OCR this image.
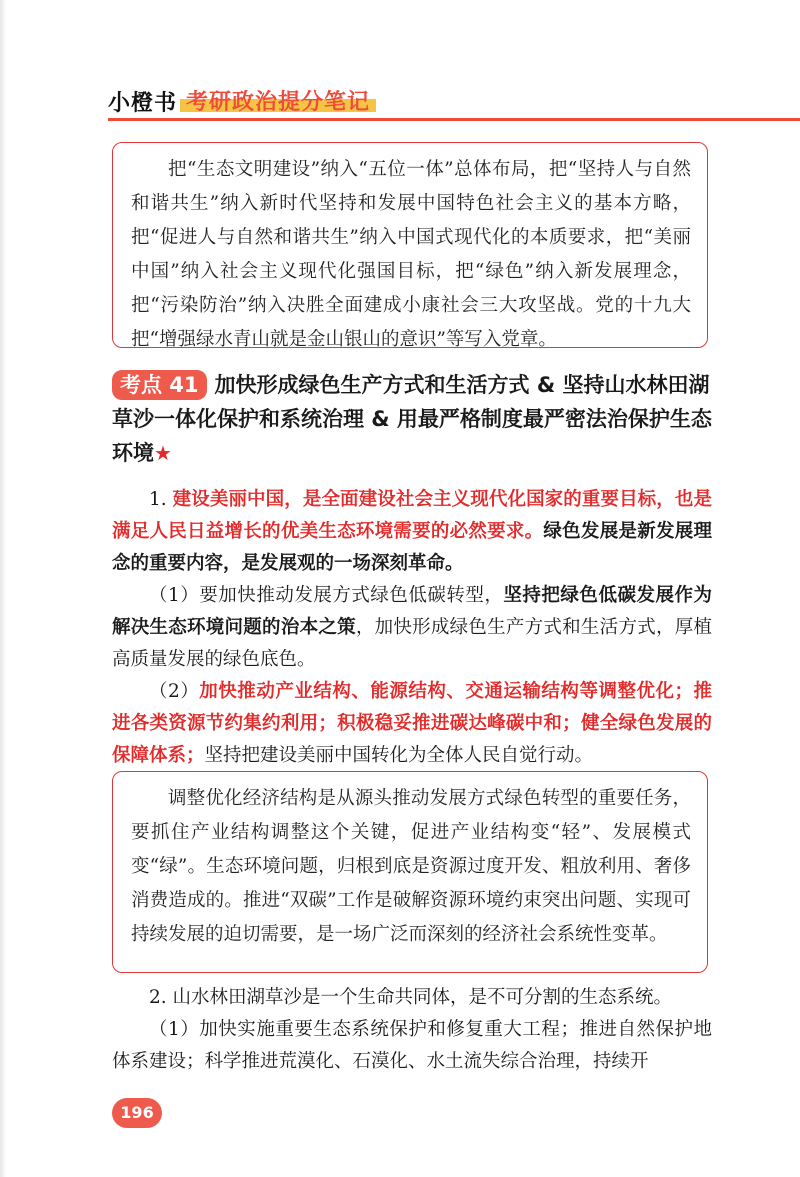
小橙书 考研政治提分笔记

把“生态文明建设”纳入“五位一体”总体布局，把“坚持人与自然和谐共生”纳入新时代坚持和发展中国特色社会主义的基本方略，把“促进人与自然和谐共生”纳入中国式现代化的本质要求，把“美丽中国”纳入社会主义现代化强国目标，把“绿色”纳入新发展理念，把“污染防治”纳入决胜全面建成小康社会三大攻坚战。党的十九大把“增强绿水青山就是金山银山的意识”等写入党章。

考点 41 加快形成绿色生产方式和生活方式 & 坚持山水林田湖草沙一体化保护和系统治理 & 用最严格制度最严密法治保护生态环境★

1. 建设美丽中国，是全面建设社会主义现代化国家的重要目标，也是满足人民日益增长的优美生态环境需要的必然要求。绿色发展是新发展理念的重要内容，是发展观的一场深刻革命。

（1）要加快推动发展方式绿色低碳转型，坚持把绿色低碳发展作为解决生态环境问题的治本之策，加快形成绿色生产方式和生活方式，厚植高质量发展的绿色底色。

（2）加快推动产业结构、能源结构、交通运输结构等调整优化；推进各类资源节约集约利用；积极稳妥推进碳达峰碳中和；健全绿色发展的保障体系；坚持把建设美丽中国转化为全体人民自觉行动。

调整优化经济结构是从源头推动发展方式绿色转型的重要任务，要抓住产业结构调整这个关键，促进产业结构变“轻”、发展模式变“绿”。生态环境问题，归根到底是资源过度开发、粗放利用、奢侈消费造成的。推进“双碳”工作是破解资源环境约束突出问题、实现可持续发展的迫切需要，是一场广泛而深刻的经济社会系统性变革。

2. 山水林田湖草沙是一个生命共同体，是不可分割的生态系统。

（1）加快实施重要生态系统保护和修复重大工程；推进自然保护地体系建设；科学推进荒漠化、石漠化、水土流失综合治理，持续开

196
